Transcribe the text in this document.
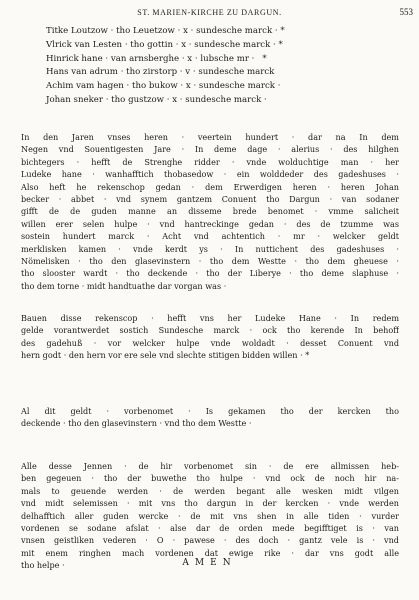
ST. MARIEN-KIRCHE ZU DARGUN.	553
Titke Loutzow · tho Leuetzow · x · sundesche marck · *
Vlrick van Lesten · tho gottin · x · sundesche marck · *
Hinrick hane · van arnsberghe · x · lubsche mr · *
Hans van adrum · tho zirstorp · v · sundesche marck
Achim vam hagen · tho bukow · x · sundesche marck ·
Johan sneker · tho gustzow · x · sundesche marck ·
In den Jaren vnses heren · veertein hundert · dar na In dem
Negen vnd Souentigesten Jare · In deme dage · alerius · des hilghen
bichtegers · hefft de Strenghe ridder · vnde wolduchtige man · her
Ludeke hane · wanhafftich thobasedow · ein wolddeder des gadeshuses ·
Also heft he rekenschop gedan · dem Erwerdigen heren · heren Johan
becker · abbet · vnd synem gantzem Conuent tho Dargun · van sodaner
gifft de de guden manne an disseme brede benomet · vmme salicheit
willen erer selen hulpe · vnd hantreckinge gedan · des de tzumme was
sostein hundert marck · Acht vnd achtentich · mr · welcker geldt
merklisken kamen · vnde kerdt ys · In nuttichent des gadeshuses ·
Nömelisken · tho den glasevinstern · tho dem Westte · tho dem gheuese ·
tho slooster wardt · tho deckende · tho der Liberye · tho deme slaphuse ·
tho dem torne · midt handtuathe dar vorgan was ·
Bauen disse rekenscop · hefft vns her Ludeke Hane · In redem
gelde vorantwerdet sostich Sundesche marck · ock tho kerende In behoff
des gadehuß · vor welcker hulpe vnde woldadt · desset Conuent vnd
hern godt · den hern vor ere sele vnd slechte stitigen bidden willen · *
Al dit geldt · vorbenomet · Is gekamen tho der kercken tho
deckende · tho den glasevinstern · vnd tho dem Westte ·
Alle desse Jennen · de hir vorbenomet sin · de ere allmissen heb-
ben gegeuen · tho der buwethe tho hulpe · vnd ock de noch hir na-
mals to geuende werden · de werden begant alle wesken midt vilgen
vnd midt selemissen · mit vns tho dargun in der kercken · vnde werden
delhafftich aller guden wercke · de mit vns shen in alle tiden · vurder
vordenen se sodane afslat · alse dar de orden mede begifftiget is · van
vnsen geistliken vederen · O · pawese · des doch · gantz vele is · vnd
mit enem ringhen mach vordenen dat ewige rike · dar vns godt alle
tho helpe ·	AMEN
